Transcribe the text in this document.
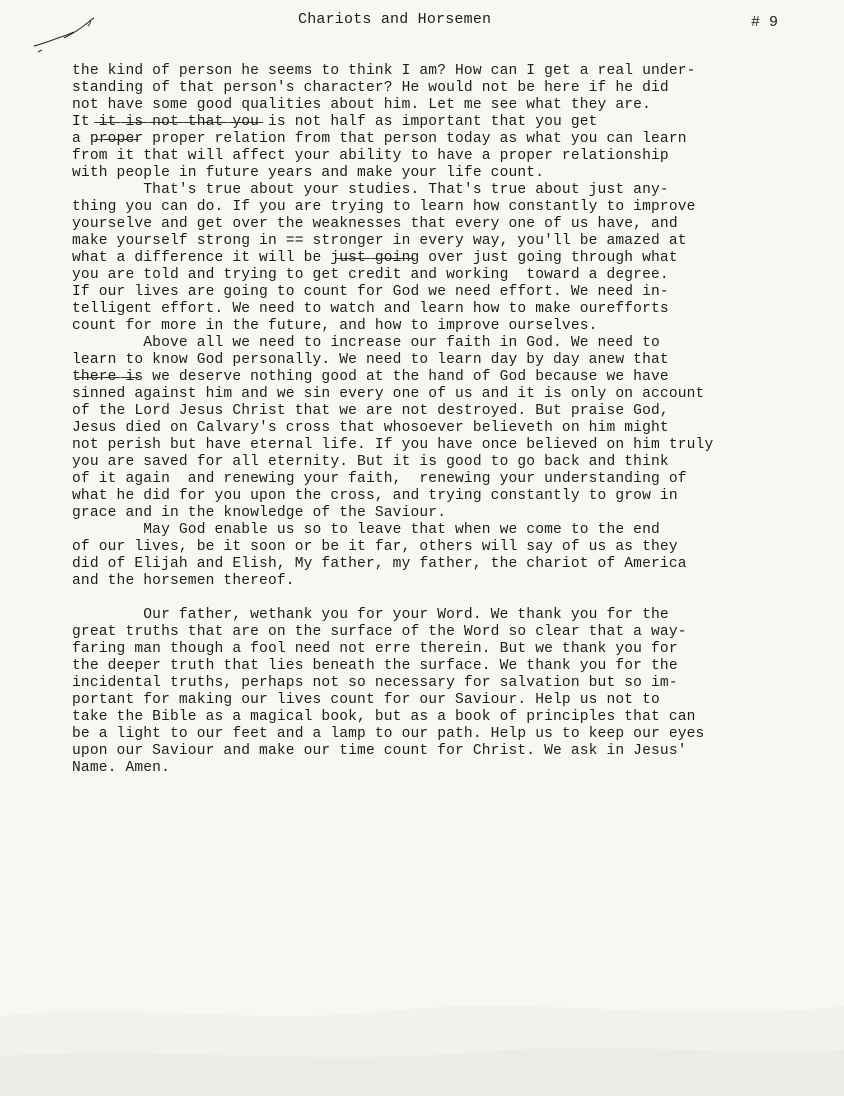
Chariots and Horsemen	# 9
the kind of person he seems to think I am? How can I get a real under-
standing of that person's character? He would not be here if he did
not have some good qualities about him. Let me see what they are.
It ̶i̶t̶ ̶i̶s̶ ̶n̶o̶t̶ ̶t̶h̶a̶t̶ ̶y̶o̶u̶ is not half as important that you get
a p̶r̶o̶p̶e̶r proper relation from that person today as what you can learn
from it that will affect your ability to have a proper relationship
with people in future years and make your life count.
That's true about your studies. That's true about just any-
thing you can do. If you are trying to learn how constantly to improve
yourselve and get over the weaknesses that every one of us have, and
make yourself strong in == stronger in every way, you'll be amazed at
what a difference it will be j̶u̶s̶t̶ ̶g̶o̶i̶n̶g over just going through what
you are told and trying to get credit and working  toward a degree.
If our lives are going to count for God we need effort. We need in-
telligent effort. We need to watch and learn how to make ourefforts
count for more in the future, and how to improve ourselves.
Above all we need to increase our faith in God. We need to
learn to know God personally. We need to learn day by day anew that
t̶h̶e̶r̶e̶ ̶i̶s we deserve nothing good at the hand of God because we have
sinned against him and we sin every one of us and it is only on account
of the Lord Jesus Christ that we are not destroyed. But praise God,
Jesus died on Calvary's cross that whosoever believeth on him might
not perish but have eternal life. If you have once believed on him truly
you are saved for all eternity. But it is good to go back and think
of it again  and renewing your faith,  renewing your understanding of
what he did for you upon the cross, and trying constantly to grow in
grace and in the knowledge of the Saviour.
May God enable us so to leave that when we come to the end
of our lives, be it soon or be it far, others will say of us as they
did of Elijah and Elish, My father, my father, the chariot of America
and the horsemen thereof.
Our father, wethank you for your Word. We thank you for the
great truths that are on the surface of the Word so clear that a way-
faring man though a fool need not erre therein. But we thank you for
the deeper truth that lies beneath the surface. We thank you for the
incidental truths, perhaps not so necessary for salvation but so im-
portant for making our lives count for our Saviour. Help us not to
take the Bible as a magical book, but as a book of principles that can
be a light to our feet and a lamp to our path. Help us to keep our eyes
upon our Saviour and make our time count for Christ. We ask in Jesus'
Name. Amen.
